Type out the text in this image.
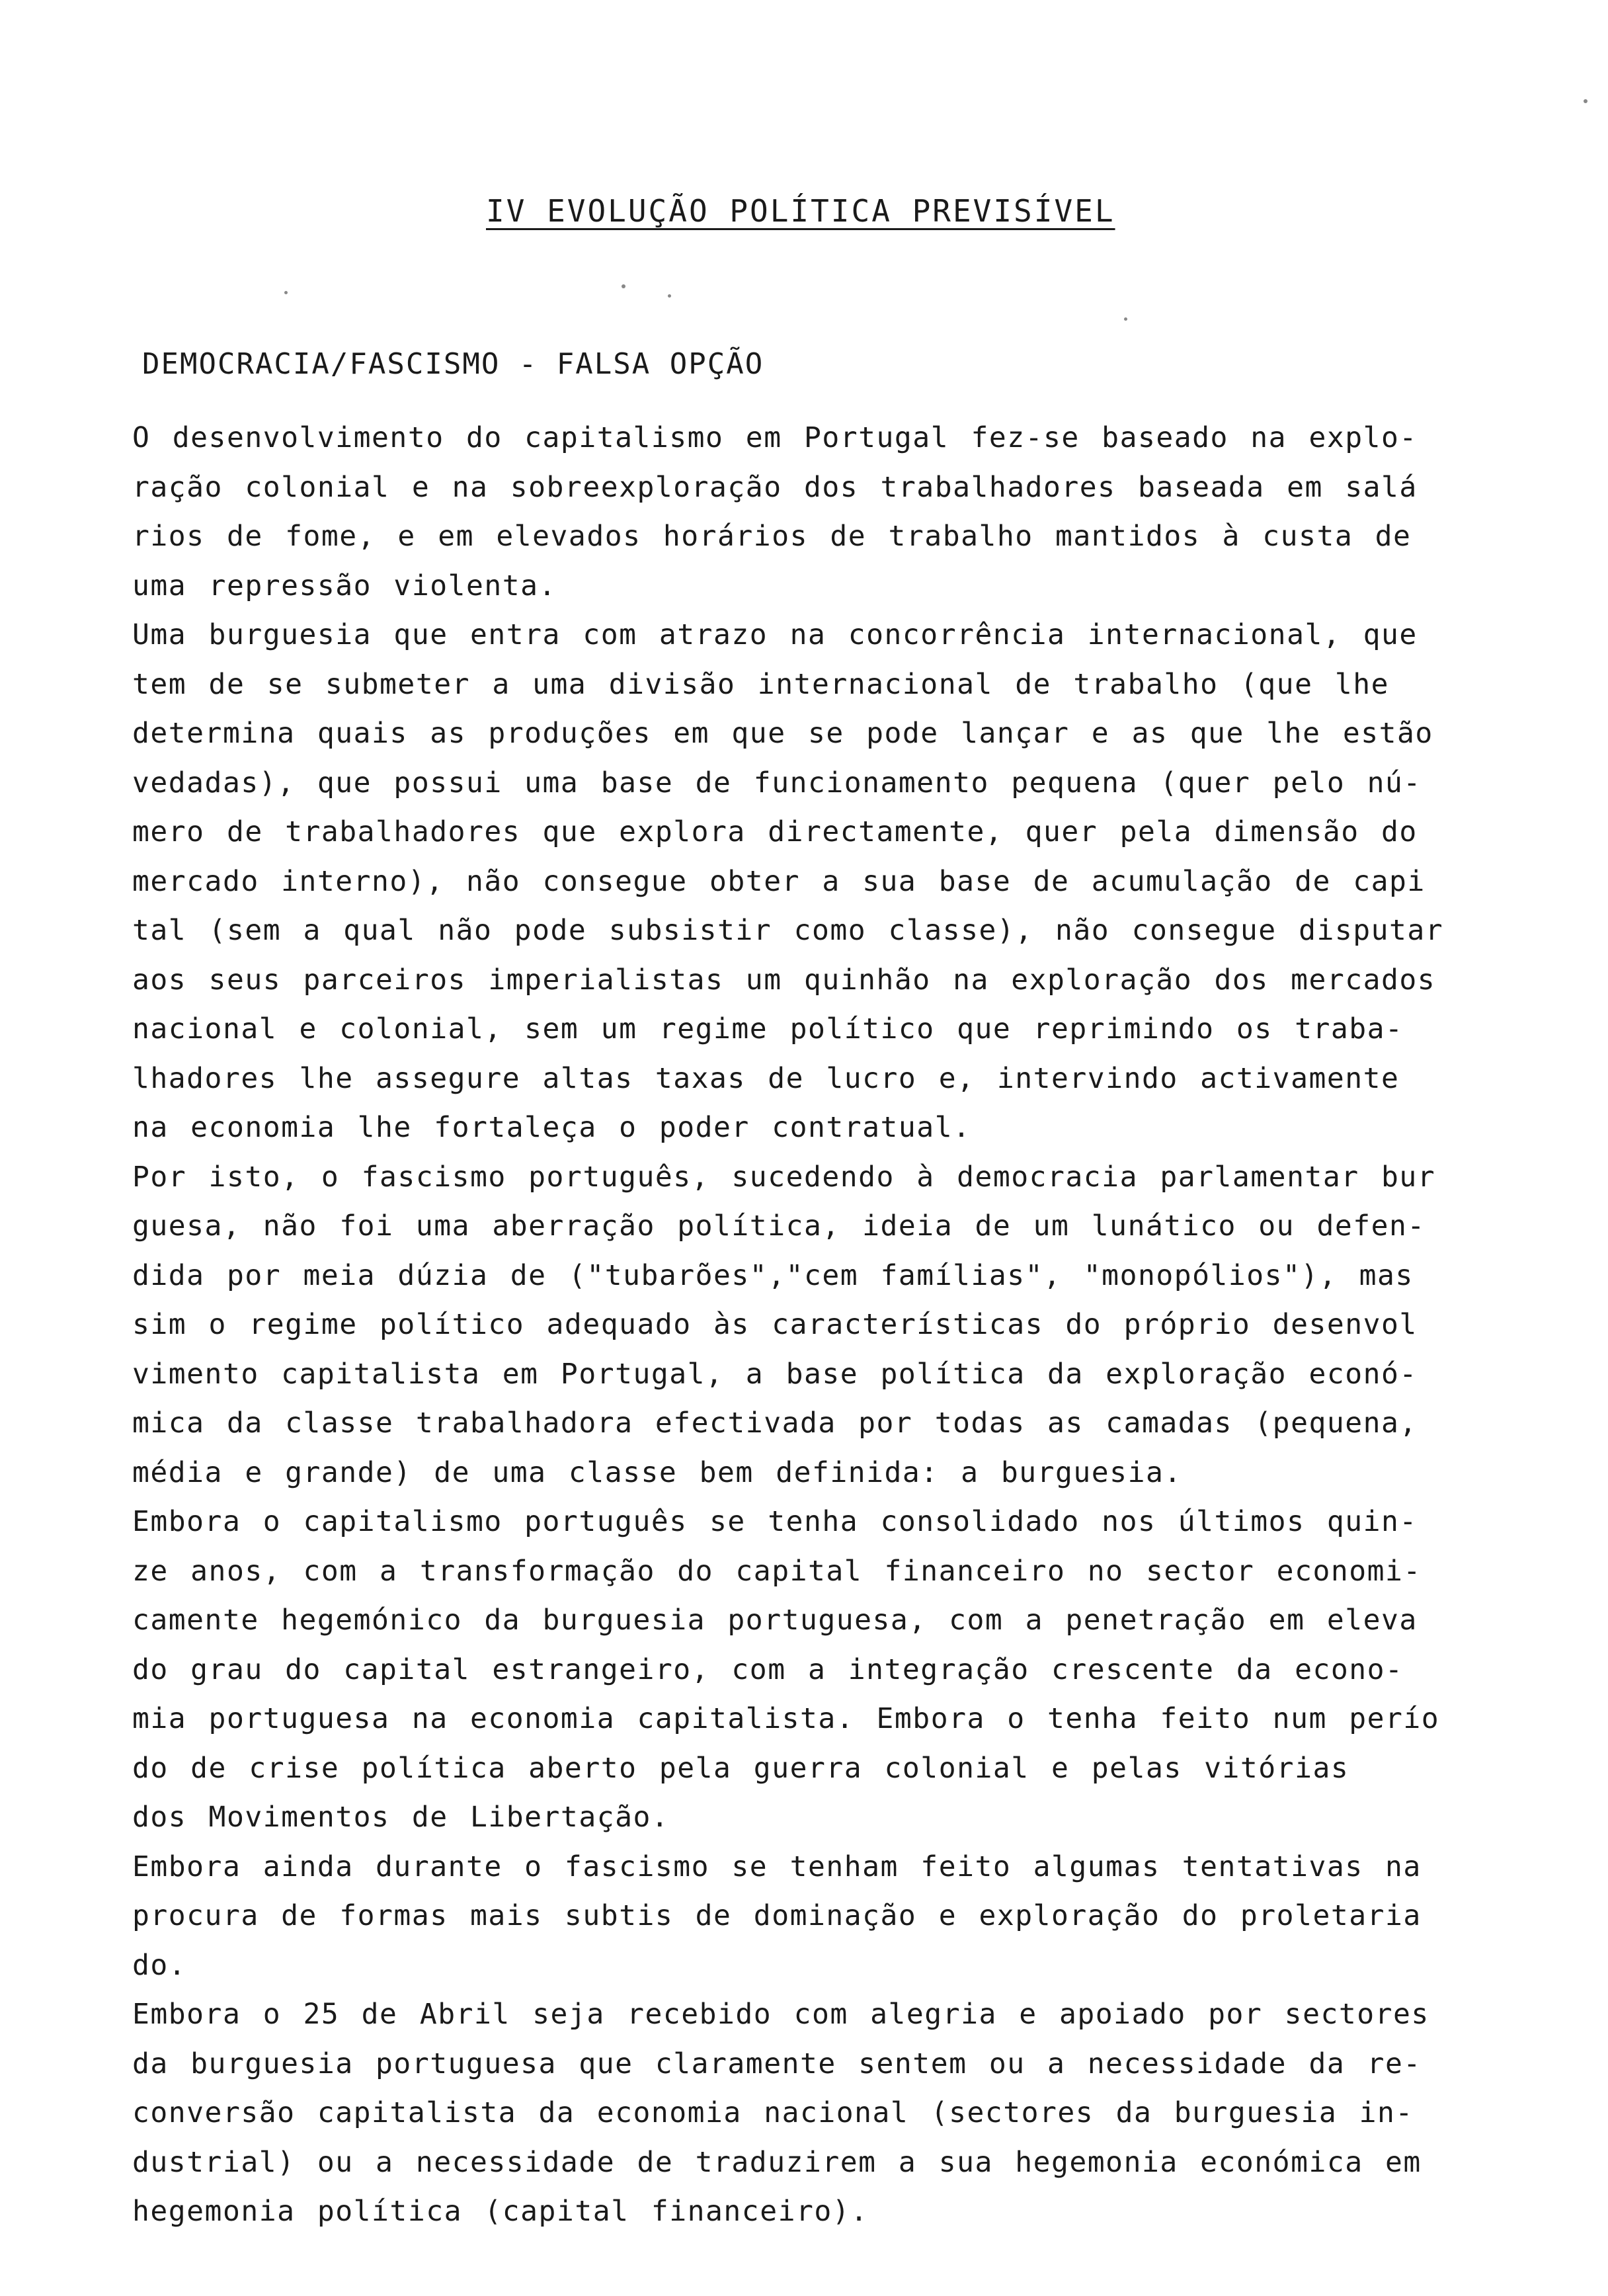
IV EVOLUÇÃO POLÍTICA PREVISÍVEL
DEMOCRACIA/FASCISMO - FALSA OPÇÃO
O desenvolvimento do capitalismo em Portugal fez-se baseado na explo-
ração colonial e na sobreexploração dos trabalhadores baseada em salá
rios de fome, e em elevados horários de trabalho mantidos à custa de
uma repressão violenta.
Uma burguesia que entra com atrazo na concorrência internacional, que
tem de se submeter a uma divisão internacional de trabalho (que lhe
determina quais as produções em que se pode lançar e as que lhe estão
vedadas), que possui uma base de funcionamento pequena (quer pelo nú-
mero de trabalhadores que explora directamente, quer pela dimensão do
mercado interno), não consegue obter a sua base de acumulação de capi
tal (sem a qual não pode subsistir como classe), não consegue disputar
aos seus parceiros imperialistas um quinhão na exploração dos mercados
nacional e colonial, sem um regime político que reprimindo os traba-
lhadores lhe assegure altas taxas de lucro e, intervindo activamente
na economia lhe fortaleça o poder contratual.
Por isto, o fascismo português, sucedendo à democracia parlamentar bur
guesa, não foi uma aberração política, ideia de um lunático ou defen-
dida por meia dúzia de ("tubarões","cem famílias", "monopólios"), mas
sim o regime político adequado às características do próprio desenvol
vimento capitalista em Portugal, a base política da exploração econó-
mica da classe trabalhadora efectivada por todas as camadas (pequena,
média e grande) de uma classe bem definida: a burguesia.
Embora o capitalismo português se tenha consolidado nos últimos quin-
ze anos, com a transformação do capital financeiro no sector economi-
camente hegemónico da burguesia portuguesa, com a penetração em eleva
do grau do capital estrangeiro, com a integração crescente da econo-
mia portuguesa na economia capitalista. Embora o tenha feito num perío
do de crise política aberto pela guerra colonial e pelas vitórias
dos Movimentos de Libertação.
Embora ainda durante o fascismo se tenham feito algumas tentativas na
procura de formas mais subtis de dominação e exploração do proletaria
do.
Embora o 25 de Abril seja recebido com alegria e apoiado por sectores
da burguesia portuguesa que claramente sentem ou a necessidade da re-
conversão capitalista da economia nacional (sectores da burguesia in-
dustrial) ou a necessidade de traduzirem a sua hegemonia económica em
hegemonia política (capital financeiro).
